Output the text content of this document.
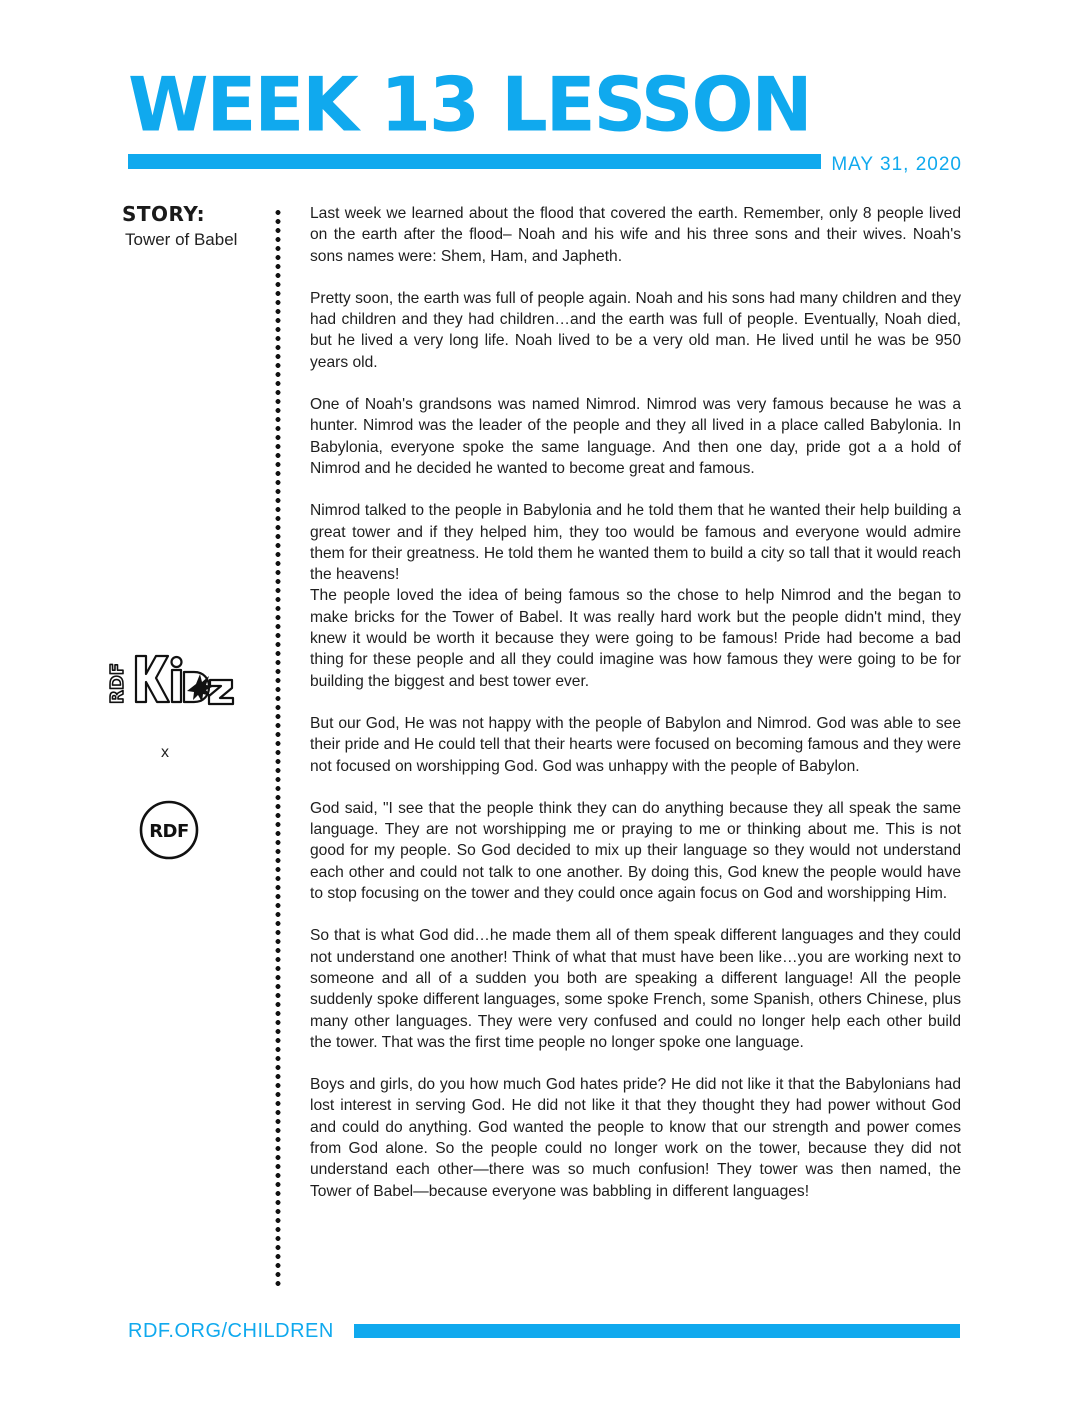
WEEK 13 LESSON
MAY 31, 2020
STORY:
Tower of Babel
RDF
x
RDF

Last week we learned about the flood that covered the earth. Remember, only 8 people lived on the earth after the flood– Noah and his wife and his three sons and their wives. Noah's sons names were: Shem, Ham, and Japheth.

Pretty soon, the earth was full of people again. Noah and his sons had many children and they had children and they had children…and the earth was full of people. Eventually, Noah died, but he lived a very long life. Noah lived to be a very old man. He lived until he was be 950 years old.

One of Noah's grandsons was named Nimrod. Nimrod was very famous because he was a hunter. Nimrod was the leader of the people and they all lived in a place called Babylonia. In Babylonia, everyone spoke the same language. And then one day, pride got a a hold of Nimrod and he decided he wanted to become great and famous.

Nimrod talked to the people in Babylonia and he told them that he wanted their help building a great tower and if they helped him, they too would be famous and everyone would admire them for their greatness. He told them he wanted them to build a city so tall that it would reach the heavens!

The people loved the idea of being famous so the chose to help Nimrod and the began to make bricks for the Tower of Babel. It was really hard work but the people didn't mind, they knew it would be worth it because they were going to be famous! Pride had become a bad thing for these people and all they could imagine was how famous they were going to be for building the biggest and best tower ever.

But our God, He was not happy with the people of Babylon and Nimrod. God was able to see their pride and He could tell that their hearts were focused on becoming famous and they were not focused on worshipping God. God was unhappy with the people of Babylon.

God said, "I see that the people think they can do anything because they all speak the same language. They are not worshipping me or praying to me or thinking about me. This is not good for my people. So God decided to mix up their language so they would not understand each other and could not talk to one another. By doing this, God knew the people would have to stop focusing on the tower and they could once again focus on God and worshipping Him.

So that is what God did…he made them all of them speak different languages and they could not understand one another! Think of what that must have been like…you are working next to someone and all of a sudden you both are speaking a different language! All the people suddenly spoke different languages, some spoke French, some Spanish, others Chinese, plus many other languages. They were very confused and could no longer help each other build the tower. That was the first time people no longer spoke one language.

Boys and girls, do you how much God hates pride? He did not like it that the Babylonians had lost interest in serving God. He did not like it that they thought they had power without God and could do anything. God wanted the people to know that our strength and power comes from God alone. So the people could no longer work on the tower, because they did not understand each other—there was so much confusion! They tower was then named, the Tower of Babel—because everyone was babbling in different languages!

RDF.ORG/CHILDREN
